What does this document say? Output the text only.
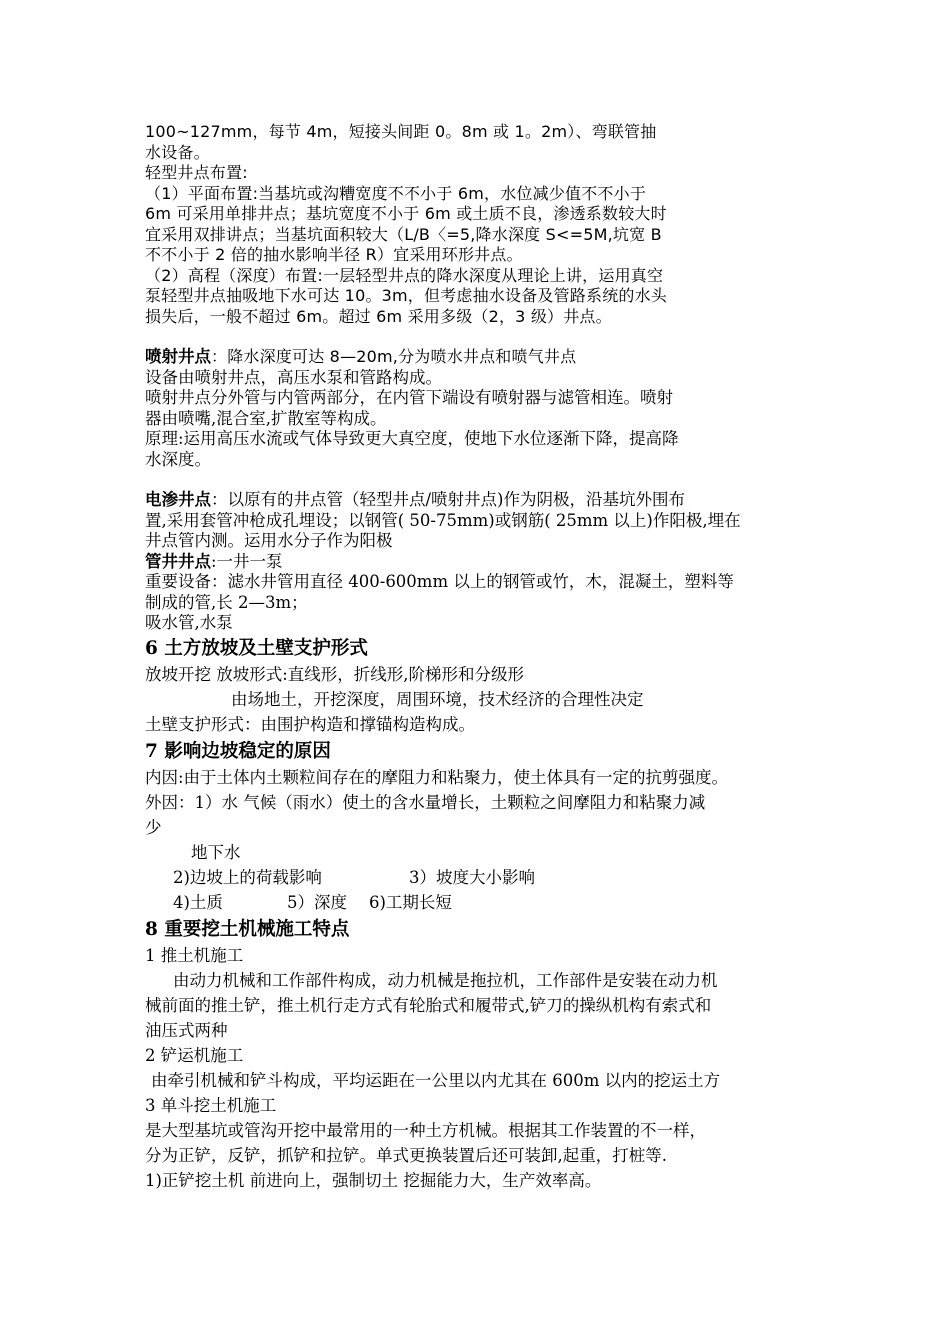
100~127mm，每节 4m，短接头间距 0。8m 或 1。2m）、弯联管抽

水设备。

轻型井点布置:

（1）平面布置:当基坑或沟糟宽度不不小于 6m，水位减少值不不小于

6m 可采用单排井点；基坑宽度不小于 6m 或土质不良，渗透系数较大时

宜采用双排讲点；当基坑面积较大（L/B〈=5,降水深度 S<=5M,坑宽 B

不不小于 2 倍的抽水影响半径 R）宜采用环形井点。

（2）高程（深度）布置:一层轻型井点的降水深度从理论上讲，运用真空

泵轻型井点抽吸地下水可达 10。3m，但考虑抽水设备及管路系统的水头

损失后，一般不超过 6m。超过 6m 采用多级（2，3 级）井点。

喷射井点：降水深度可达 8—20m,分为喷水井点和喷气井点

设备由喷射井点，高压水泵和管路构成。

喷射井点分外管与内管两部分，在内管下端设有喷射器与滤管相连。喷射

器由喷嘴,混合室,扩散室等构成。

原理:运用高压水流或气体导致更大真空度，使地下水位逐渐下降，提高降

水深度。

电渗井点：以原有的井点管（轻型井点/喷射井点)作为阴极，沿基坑外围布

置,采用套管冲枪成孔埋设；以钢管( 50-75mm)或钢筋( 25mm 以上)作阳极,埋在

井点管内测。运用水分子作为阳极

管井井点:一井一泵

重要设备：滤水井管用直径 400-600mm 以上的钢管或竹，木，混凝土，塑料等

制成的管,长 2—3m；

吸水管,水泵

6 土方放坡及土壁支护形式

放坡开挖 放坡形式:直线形，折线形,阶梯形和分级形

由场地土，开挖深度，周围环境，技术经济的合理性决定

土壁支护形式：由围护构造和撑锚构造构成。

7 影响边坡稳定的原因

内因:由于土体内土颗粒间存在的摩阻力和粘聚力，使土体具有一定的抗剪强度。

外因：1）水 气候（雨水）使土的含水量增长，土颗粒之间摩阻力和粘聚力减

少

地下水

2)边坡上的荷载影响	3）坡度大小影响

4)土质	5）深度 6)工期长短

8 重要挖土机械施工特点

1 推土机施工

由动力机械和工作部件构成，动力机械是拖拉机，工作部件是安装在动力机

械前面的推土铲，推土机行走方式有轮胎式和履带式,铲刀的操纵机构有索式和

油压式两种

2 铲运机施工

由牵引机械和铲斗构成，平均运距在一公里以内尤其在 600m 以内的挖运土方

3 单斗挖土机施工

是大型基坑或管沟开挖中最常用的一种土方机械。根据其工作装置的不一样，

分为正铲，反铲，抓铲和拉铲。单式更换装置后还可装卸,起重，打桩等.

1)正铲挖土机 前进向上，强制切土 挖掘能力大，生产效率高。
